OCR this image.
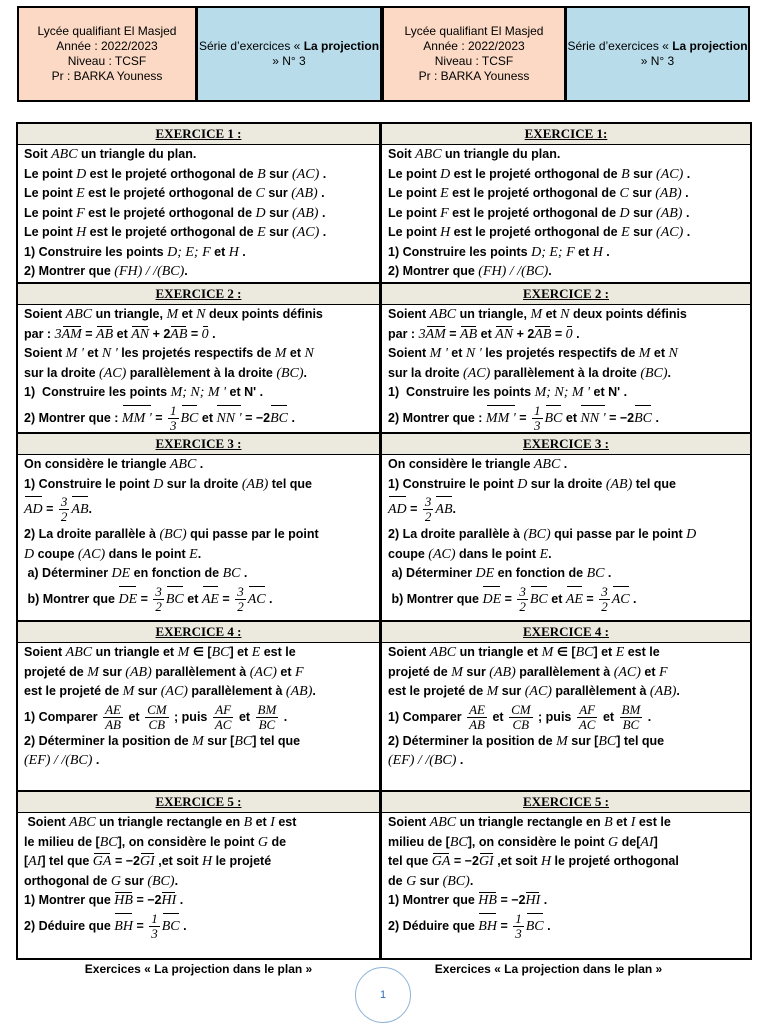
Lycée qualifiant El Masjed
Année : 2022/2023
Niveau : TCSF
Pr : BARKA Youness
Série d’exercices « La projection » N° 3
Lycée qualifiant El Masjed
Année : 2022/2023
Niveau : TCSF
Pr : BARKA Youness
Série d’exercices « La projection » N° 3
EXERCICE 1 :
Soit ABC un triangle du plan.
Le point D est le projeté orthogonal de B sur (AC) .
Le point E est le projeté orthogonal de C sur (AB) .
Le point F est le projeté orthogonal de D sur (AB) .
Le point H est le projeté orthogonal de E sur (AC) .
1) Construire les points D; E; F et H .
2) Montrer que (FH) / /(BC).
EXERCICE 2 :
Soient ABC un triangle, M et N deux points définis
par : 3AM = AB et AN + 2AB = 0 .
Soient M ' et N ' les projetés respectifs de M et N
sur la droite (AC) parallèlement à la droite (BC).
1)  Construire les points M; N; M ' et N' .
2) Montrer que : MM ' = $\frac{1}{3}$ BC et NN ' = −2BC .
EXERCICE 3 :
On considère le triangle ABC .
1) Construire le point D sur la droite (AB) tel que
AD = $\frac{3}{2}$ AB.
2) La droite parallèle à (BC) qui passe par le point
D coupe (AC) dans le point E.
a) Déterminer DE en fonction de BC .
b) Montrer que DE = $\frac{3}{2}$ BC et AE = $\frac{3}{2}$ AC .
EXERCICE 4 :
Soient ABC un triangle et M ∈ [BC] et E est le
projeté de M sur (AB) parallèlement à (AC) et F
est le projeté de M sur (AC) parallèlement à (AB).
1) Comparer $\frac{AE}{AB}$ et $\frac{CM}{CB}$ ; puis $\frac{AF}{AC}$ et $\frac{BM}{BC}$ .
2) Déterminer la position de M sur [BC] tel que
(EF) / /(BC) .
EXERCICE 5 :
Soient ABC un triangle rectangle en B et I est
le milieu de [BC], on considère le point G de
[AI] tel que GA = −2GI ,et soit H le projeté
orthogonal de G sur (BC).
1) Montrer que HB = −2HI .
2) Déduire que BH = $\frac{1}{3}$ BC .
EXERCICE 1:
Soit ABC un triangle du plan.
Le point D est le projeté orthogonal de B sur (AC) .
Le point E est le projeté orthogonal de C sur (AB) .
Le point F est le projeté orthogonal de D sur (AB) .
Le point H est le projeté orthogonal de E sur (AC) .
1) Construire les points D; E; F et H .
2) Montrer que (FH) / /(BC).
EXERCICE 2 :
Soient ABC un triangle, M et N deux points définis
par : 3AM = AB et AN + 2AB = 0 .
Soient M ' et N ' les projetés respectifs de M et N
sur la droite (AC) parallèlement à la droite (BC).
1)  Construire les points M; N; M ' et N' .
2) Montrer que : MM ' = $\frac{1}{3}$ BC et NN ' = −2BC .
EXERCICE 3 :
On considère le triangle ABC .
1) Construire le point D sur la droite (AB) tel que
AD = $\frac{3}{2}$ AB.
2) La droite parallèle à (BC) qui passe par le point D
coupe (AC) dans le point E.
a) Déterminer DE en fonction de BC .
b) Montrer que DE = $\frac{3}{2}$ BC et AE = $\frac{3}{2}$ AC .
EXERCICE 4 :
Soient ABC un triangle et M ∈ [BC] et E est le
projeté de M sur (AB) parallèlement à (AC) et F
est le projeté de M sur (AC) parallèlement à (AB).
1) Comparer $\frac{AE}{AB}$ et $\frac{CM}{CB}$ ; puis $\frac{AF}{AC}$ et $\frac{BM}{BC}$ .
2) Déterminer la position de M sur [BC] tel que
(EF) / /(BC) .
EXERCICE 5 :
Soient ABC un triangle rectangle en B et I est le
milieu de [BC], on considère le point G de[AI]
tel que GA = −2GI ,et soit H le projeté orthogonal
de G sur (BC).
1) Montrer que HB = −2HI .
2) Déduire que BH = $\frac{1}{3}$ BC .
Exercices « La projection dans le plan »	Exercices « La projection dans le plan »
1
